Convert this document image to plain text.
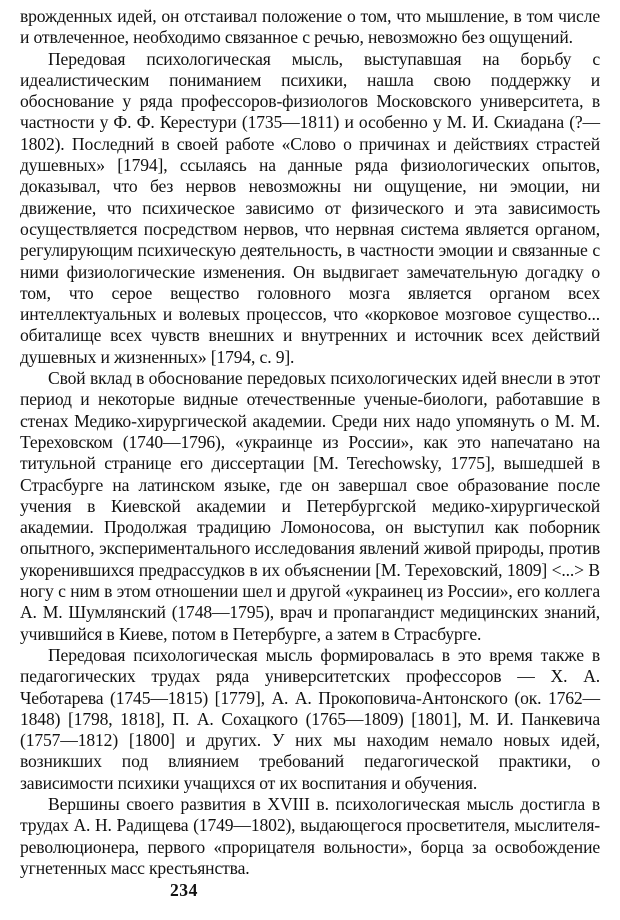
врожденных идей, он отстаивал положение о том, что мышление, в том числе и отвлеченное, необходимо связанное с речью, невозможно без ощущений.

Передовая психологическая мысль, выступавшая на борьбу с идеалистическим пониманием психики, нашла свою поддержку и обоснование у ряда профессоров-физиологов Московского университета, в частности у Ф. Ф. Керестури (1735—1811) и особенно у М. И. Скиадана (?—1802). Последний в своей работе «Слово о причинах и действиях страстей душевных» [1794], ссылаясь на данные ряда физиологических опытов, доказывал, что без нервов невозможны ни ощущение, ни эмоции, ни движение, что психическое зависимо от физического и эта зависимость осуществляется посредством нервов, что нервная система является органом, регулирующим психическую деятельность, в частности эмоции и связанные с ними физиологические изменения. Он выдвигает замечательную догадку о том, что серое вещество головного мозга является органом всех интеллектуальных и волевых процессов, что «корковое мозговое существо... обиталище всех чувств внешних и внутренних и источник всех действий душевных и жизненных» [1794, с. 9].

Свой вклад в обоснование передовых психологических идей внесли в этот период и некоторые видные отечественные ученые-биологи, работавшие в стенах Медико-хирургической академии. Среди них надо упомянуть о М. М. Тереховском (1740—1796), «украинце из России», как это напечатано на титульной странице его диссертации [M. Terechowsky, 1775], вышедшей в Страсбурге на латинском языке, где он завершал свое образование после учения в Киевской академии и Петербургской медико-хирургической академии. Продолжая традицию Ломоносова, он выступил как поборник опытного, экспериментального исследования явлений живой природы, против укоренившихся предрассудков в их объяснении [М. Тереховский, 1809] <...> В ногу с ним в этом отношении шел и другой «украинец из России», его коллега А. М. Шумлянский (1748—1795), врач и пропагандист медицинских знаний, учившийся в Киеве, потом в Петербурге, а затем в Страсбурге.

Передовая психологическая мысль формировалась в это время также в педагогических трудах ряда университетских профессоров — Х. А. Чеботарева (1745—1815) [1779], А. А. Прокоповича-Антонского (ок. 1762—1848) [1798, 1818], П. А. Сохацкого (1765—1809) [1801], М. И. Панкевича (1757—1812) [1800] и других. У них мы находим немало новых идей, возникших под влиянием требований педагогической практики, о зависимости психики учащихся от их воспитания и обучения.

Вершины своего развития в XVIII в. психологическая мысль достигла в трудах А. Н. Радищева (1749—1802), выдающегося просветителя, мыслителя-революционера, первого «прорицателя вольности», борца за освобождение угнетенных масс крестьянства.

234
